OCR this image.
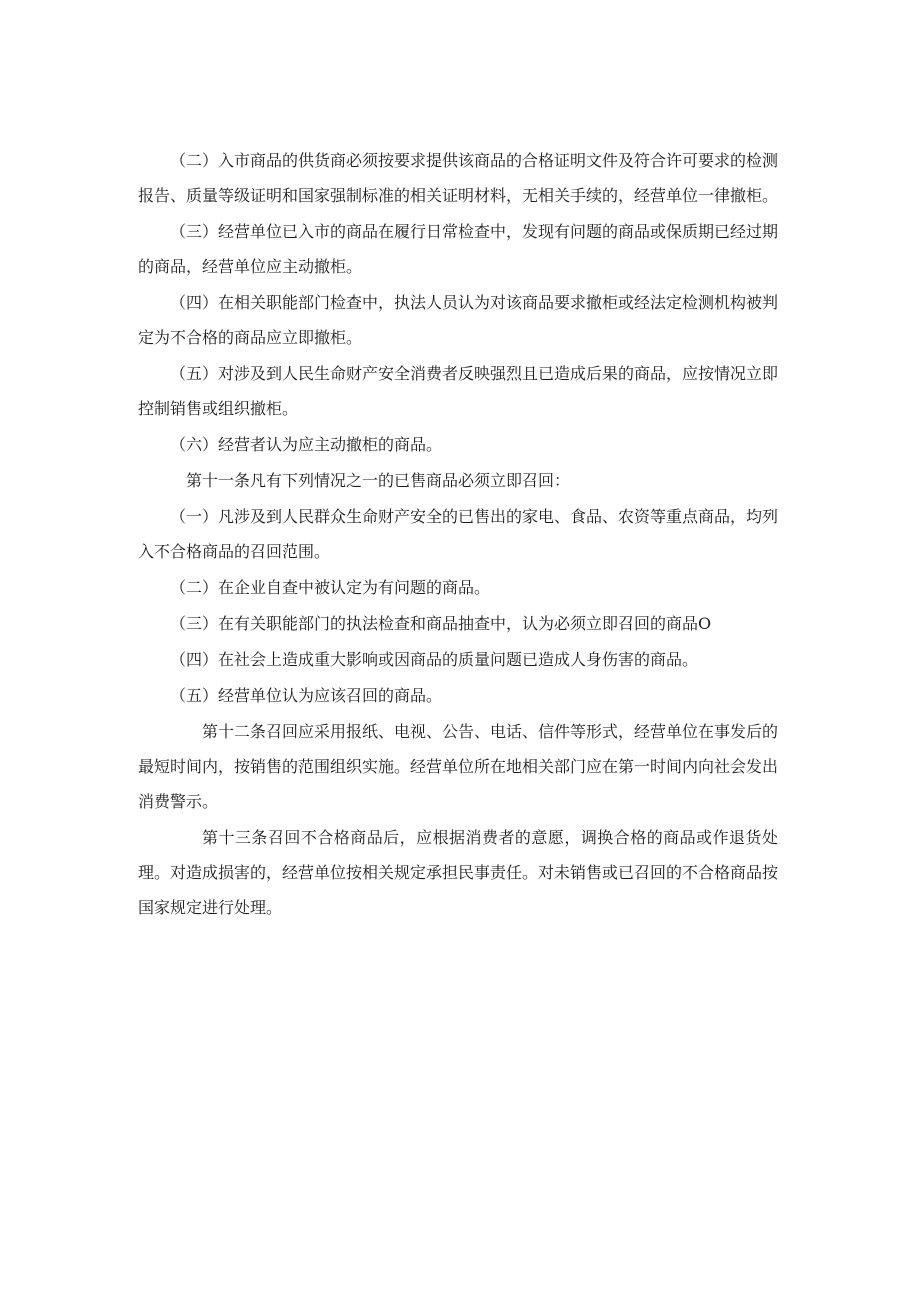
（二）入市商品的供货商必须按要求提供该商品的合格证明文件及符合许可要求的检测报告、质量等级证明和国家强制标准的相关证明材料，无相关手续的，经营单位一律撤柜。

（三）经营单位已入市的商品在履行日常检查中，发现有问题的商品或保质期已经过期的商品，经营单位应主动撤柜。

（四）在相关职能部门检查中，执法人员认为对该商品要求撤柜或经法定检测机构被判定为不合格的商品应立即撤柜。

（五）对涉及到人民生命财产安全消费者反映强烈且已造成后果的商品，应按情况立即控制销售或组织撤柜。

（六）经营者认为应主动撤柜的商品。

第十一条凡有下列情况之一的已售商品必须立即召回：

（一）凡涉及到人民群众生命财产安全的已售出的家电、食品、农资等重点商品，均列入不合格商品的召回范围。

（二）在企业自查中被认定为有问题的商品。

（三）在有关职能部门的执法检查和商品抽查中，认为必须立即召回的商品O

（四）在社会上造成重大影响或因商品的质量问题已造成人身伤害的商品。

（五）经营单位认为应该召回的商品。

第十二条召回应采用报纸、电视、公告、电话、信件等形式，经营单位在事发后的最短时间内，按销售的范围组织实施。经营单位所在地相关部门应在第一时间内向社会发出消费警示。

第十三条召回不合格商品后，应根据消费者的意愿，调换合格的商品或作退货处理。对造成损害的，经营单位按相关规定承担民事责任。对未销售或已召回的不合格商品按国家规定进行处理。
